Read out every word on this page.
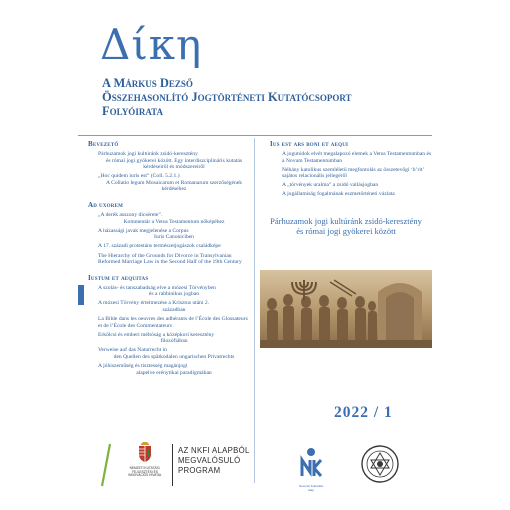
Δίκη
A Márkus Dezső
Összehasonlító Jogtörténeti Kutatócsoport
Folyóirata
Bevezető
Párhuzamok jogi kultúránk zsidó-keresztény
és római jogi gyökerei között. Egy interdiszciplináris kutatás kérdéseiről és módszereiről
„Hoc quidem iuris est” (Coll. 5.2.1.)
A Collatio legum Mosaicarum et Romanarum szerzőségének kérdéséhez
Ad uxorem
„A derék asszony dicsérete”.
Kommentár a Vetus Testamentum nőképéhez
A házassági javak megjelenése a Corpus
Iuris Canoniciben
A 17. századi protestáns természetjogászok családképe
The Hierarchy of the Grounds for Divorce in Transylvanian Reformed Marriage Law in the Second Half of the 19th Century
Iustum et aequitas
A szolás- és tanszabadság elve a mózesi Törvényben
és a rabbinikus jogban
A mózesi Törvény értelmezése a Krisztus utáni 2.
században
La Bible dans les oeuvres des adhérants de l’École des Glossateurs et de l’École des Commentateurs
Erkölcsi és emberi méltóság a középkori keresztény
filozófiában
Verweise auf das Naturrecht in
den Quellen des spätkodalen ungarischen Privatrechts
A jóhiszeműség és tisztesség magánjogi
alapelve erénytikai paradigmában
Ius est ars boni et aequi
A jogutódok elvét megalapozó elemek a Vetus Testamentumban és a Novum Testamentumban
Néhány katolikus szemléletű megfontolás az összetevőgi ‘b’rit’ sajátos relacionális jellegéről
A „törvények uralma” a zsidó vallásjogban
A jogállamiság fogalmának eszmetörténeti vázlata
Párhuzamok jogi kultúránk zsidó-keresztény
és római jogi gyökerei között
2022 / 1
NEMZETI KUTATÁSI, FEJLESZTÉSI ÉS INNOVÁCIÓS HIVATAL
AZ NKFI ALAPBÓL
MEGVALÓSULÓ
PROGRAM
Nemzeti Kulturális Alap
